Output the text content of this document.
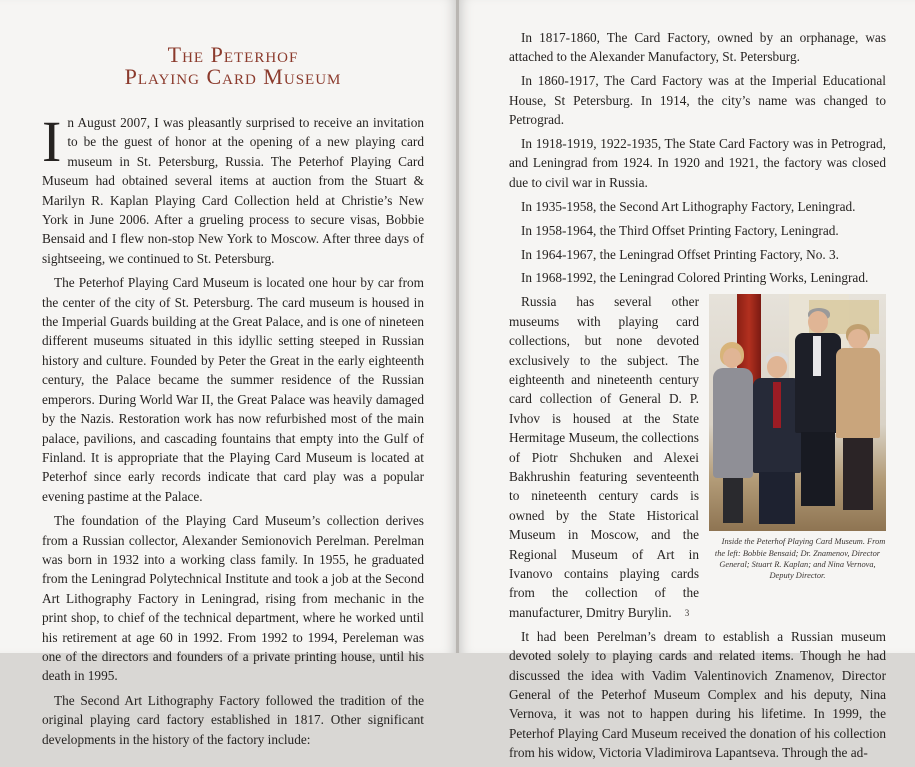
The Peterhof
Playing Card Museum

In August 2007, I was pleasantly surprised to receive an invitation to be the guest of honor at the opening of a new playing card museum in St. Petersburg, Russia. The Peterhof Playing Card Museum had obtained several items at auction from the Stuart & Marilyn R. Kaplan Playing Card Collection held at Christie’s New York in June 2006. After a grueling process to secure visas, Bobbie Bensaid and I flew non-stop New York to Moscow. After three days of sightseeing, we continued to St. Petersburg.

The Peterhof Playing Card Museum is located one hour by car from the center of the city of St. Petersburg. The card museum is housed in the Imperial Guards building at the Great Palace, and is one of nineteen different museums situated in this idyllic setting steeped in Russian history and culture. Founded by Peter the Great in the early eighteenth century, the Palace became the summer residence of the Russian emperors. During World War II, the Great Palace was heavily damaged by the Nazis. Restoration work has now refurbished most of the main palace, pavilions, and cascading fountains that empty into the Gulf of Finland. It is appropriate that the Playing Card Museum is located at Peterhof since early records indicate that card play was a popular evening pastime at the Palace.

The foundation of the Playing Card Museum’s collection derives from a Russian collector, Alexander Semionovich Perelman. Perelman was born in 1932 into a working class family. In 1955, he graduated from the Leningrad Polytechnical Institute and took a job at the Second Art Lithography Factory in Leningrad, rising from mechanic in the print shop, to chief of the technical department, where he worked until his retirement at age 60 in 1992. From 1992 to 1994, Pereleman was one of the directors and founders of a private printing house, until his death in 1995.

The Second Art Lithography Factory followed the tradition of the original playing card factory established in 1817. Other significant developments in the history of the factory include:

In 1817-1860, The Card Factory, owned by an orphanage, was attached to the Alexander Manufactory, St. Petersburg.

In 1860-1917, The Card Factory was at the Imperial Educational House, St Petersburg. In 1914, the city’s name was changed to Petrograd.

In 1918-1919, 1922-1935, The State Card Factory was in Petrograd, and Leningrad from 1924. In 1920 and 1921, the factory was closed due to civil war in Russia.

In 1935-1958, the Second Art Lithography Factory, Leningrad.

In 1958-1964, the Third Offset Printing Factory, Leningrad.

In 1964-1967, the Leningrad Offset Printing Factory, No. 3.

In 1968-1992, the Leningrad Colored Printing Works, Leningrad.

Inside the Peterhof Playing Card Museum. From the left: Bobbie Bensaid; Dr. Znamenov, Director General; Stuart R. Kaplan; and Nina Vernova, Deputy Director.
Russia has several other museums with playing card collections, but none devoted exclusively to the subject. The eighteenth and nineteenth century card collection of General D. P. Ivhov is housed at the State Hermitage Museum, the collections of Piotr Shchuken and Alexei Bakhrushin featuring seventeenth to nineteenth century cards is owned by the State Historical Museum in Moscow, and the Regional Museum of Art in Ivanovo contains playing cards from the collection of the manufacturer, Dmitry Burylin.

It had been Perelman’s dream to establish a Russian museum devoted solely to playing cards and related items. Though he had discussed the idea with Vadim Valentinovich Znamenov, Director General of the Peterhof Museum Complex and his deputy, Nina Vernova, it was not to happen during his lifetime. In 1999, the Peterhof Playing Card Museum received the donation of his collection from his widow, Victoria Vladimirova Lapantseva. Through the ad-

3
